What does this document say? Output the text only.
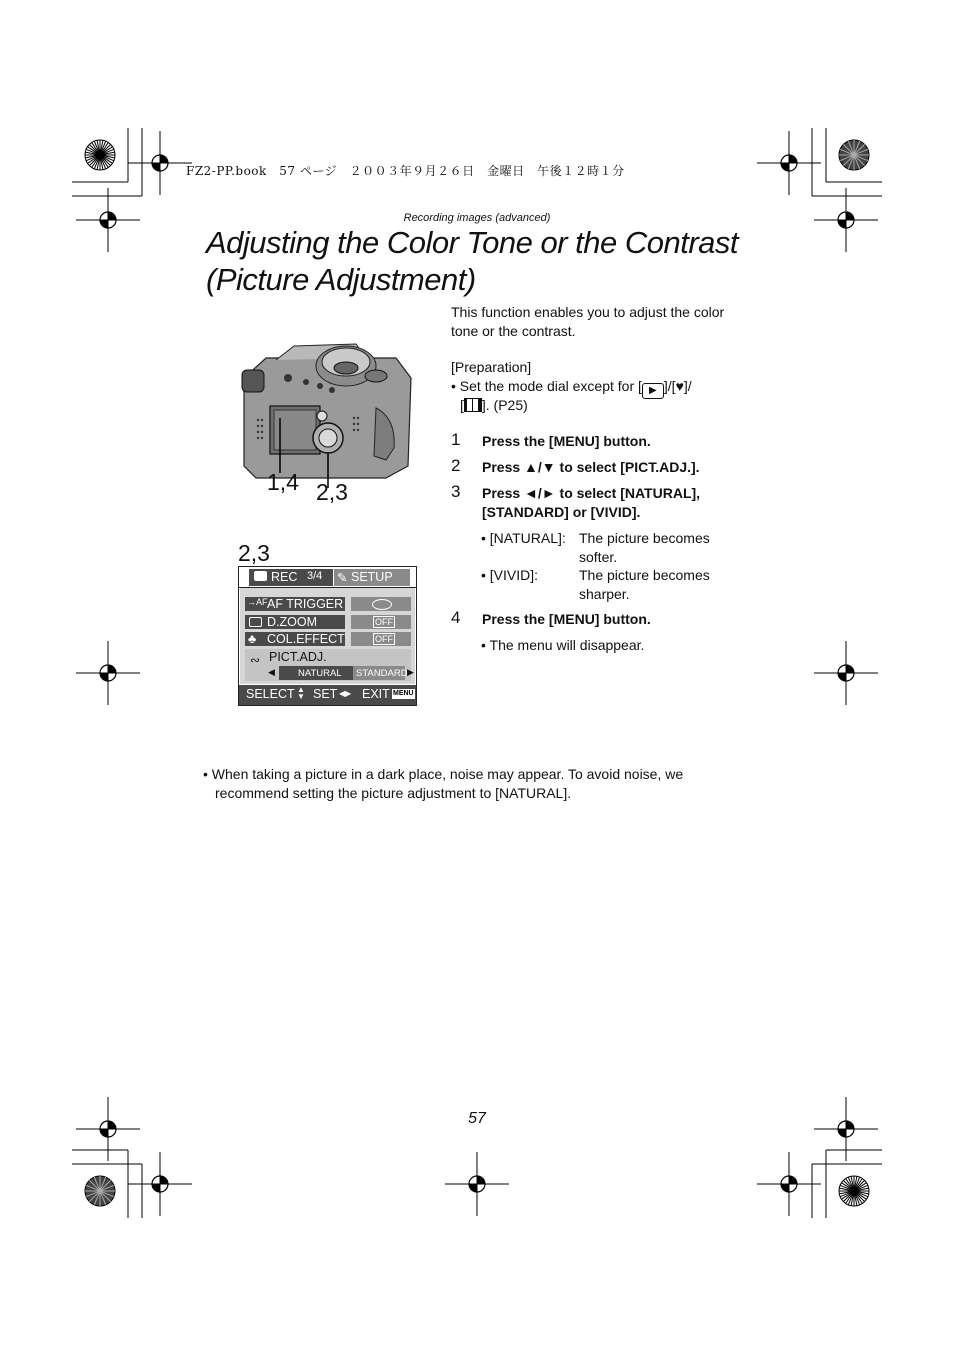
FZ2-PP.book　57 ページ　２００３年９月２６日　金曜日　午後１２時１分
Recording images (advanced)
Adjusting the Color Tone or the Contrast
(Picture Adjustment)
1,4 2,3
2,3
REC 3/4 ✎ SETUP
→AF AF TRIGGER
D.ZOOM	OFF
♣ COL.EFFECT	OFF
∾ PICT.ADJ.
◀ NATURAL STANDARD ▶
SELECT ▲
▼ SET ◀▶ EXIT MENU
This function enables you to adjust the color
tone or the contrast.
[Preparation]
• Set the mode dial except for [ ▶ ]/[♥]/
[ ]. (P25)
1 Press the [MENU] button.
2 Press ▲/▼ to select [PICT.ADJ.].
3 Press ◄/► to select [NATURAL],
[STANDARD] or [VIVID].
• [NATURAL]: The picture becomes
softer.
• [VIVID]:	The picture becomes
sharper.
4 Press the [MENU] button.
• The menu will disappear.
• When taking a picture in a dark place, noise may appear. To avoid noise, we
recommend setting the picture adjustment to [NATURAL].
57
